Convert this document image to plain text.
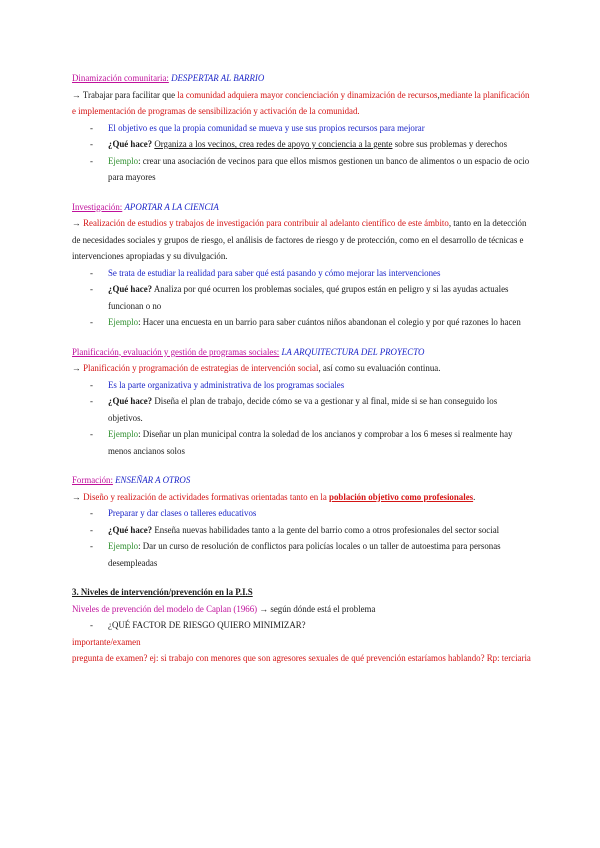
Dinamización comunitaria: DESPERTAR AL BARRIO
→ Trabajar para facilitar que la comunidad adquiera mayor concienciación y dinamización de recursos,mediante la planificación e implementación de programas de sensibilización y activación de la comunidad.
- El objetivo es que la propia comunidad se mueva y use sus propios recursos para mejorar
- ¿Qué hace? Organiza a los vecinos, crea redes de apoyo y conciencia a la gente sobre sus problemas y derechos
- Ejemplo: crear una asociación de vecinos para que ellos mismos gestionen un banco de alimentos o un espacio de ocio para mayores
Investigación: APORTAR A LA CIENCIA
→ Realización de estudios y trabajos de investigación para contribuir al adelanto científico de este ámbito, tanto en la detección de necesidades sociales y grupos de riesgo, el análisis de factores de riesgo y de protección, como en el desarrollo de técnicas e intervenciones apropiadas y su divulgación.
- Se trata de estudiar la realidad para saber qué está pasando y cómo mejorar las intervenciones
- ¿Qué hace? Analiza por qué ocurren los problemas sociales, qué grupos están en peligro y si las ayudas actuales funcionan o no
- Ejemplo: Hacer una encuesta en un barrio para saber cuántos niños abandonan el colegio y por qué razones lo hacen
Planificación, evaluación y gestión de programas sociales: LA ARQUITECTURA DEL PROYECTO
→ Planificación y programación de estrategias de intervención social, así como su evaluación continua.
- Es la parte organizativa y administrativa de los programas sociales
- ¿Qué hace? Diseña el plan de trabajo, decide cómo se va a gestionar y al final, mide si se han conseguido los objetivos.
- Ejemplo: Diseñar un plan municipal contra la soledad de los ancianos y comprobar a los 6 meses si realmente hay menos ancianos solos
Formación: ENSEÑAR A OTROS
→ Diseño y realización de actividades formativas orientadas tanto en la población objetivo como profesionales.
- Preparar y dar clases o talleres educativos
- ¿Qué hace? Enseña nuevas habilidades tanto a la gente del barrio como a otros profesionales del sector social
- Ejemplo: Dar un curso de resolución de conflictos para policías locales o un taller de autoestima para personas desempleadas
3. Niveles de intervención/prevención en la P.I.S
Niveles de prevención del modelo de Caplan (1966) → según dónde está el problema
- ¿QUÉ FACTOR DE RIESGO QUIERO MINIMIZAR?
importante/examen
pregunta de examen? ej: si trabajo con menores que son agresores sexuales de qué prevención estaríamos hablando? Rp: terciaria
